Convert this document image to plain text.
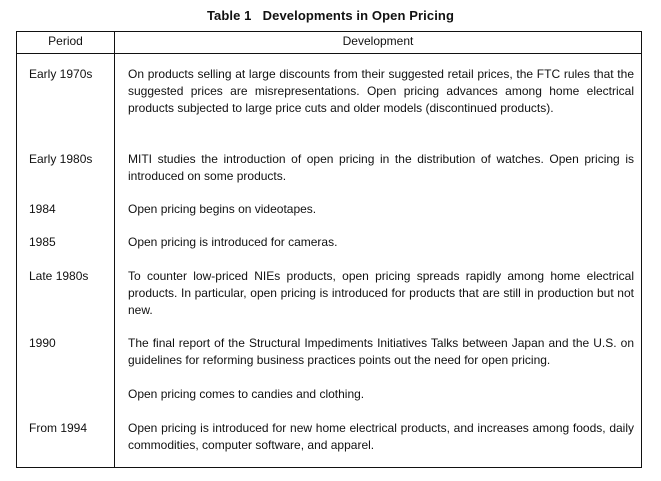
Table 1   Developments in Open Pricing
Period	Development
Early 1970s	On products selling at large discounts from their suggested retail prices, the FTC rules that the suggested prices are misrepresentations. Open pricing advances among home electrical products subjected to large price cuts and older models (discontinued products).
Early 1980s	MITI studies the introduction of open pricing in the distribution of watches. Open pricing is introduced on some products.
1984	Open pricing begins on videotapes.
1985	Open pricing is introduced for cameras.
Late 1980s	To counter low-priced NIEs products, open pricing spreads rapidly among home electrical products. In particular, open pricing is introduced for products that are still in production but not new.
1990	The final report of the Structural Impediments Initiatives Talks between Japan and the U.S. on guidelines for reforming business practices points out the need for open pricing.
Open pricing comes to candies and clothing.
From 1994	Open pricing is introduced for new home electrical products, and increases among foods, daily commodities, computer software, and apparel.
